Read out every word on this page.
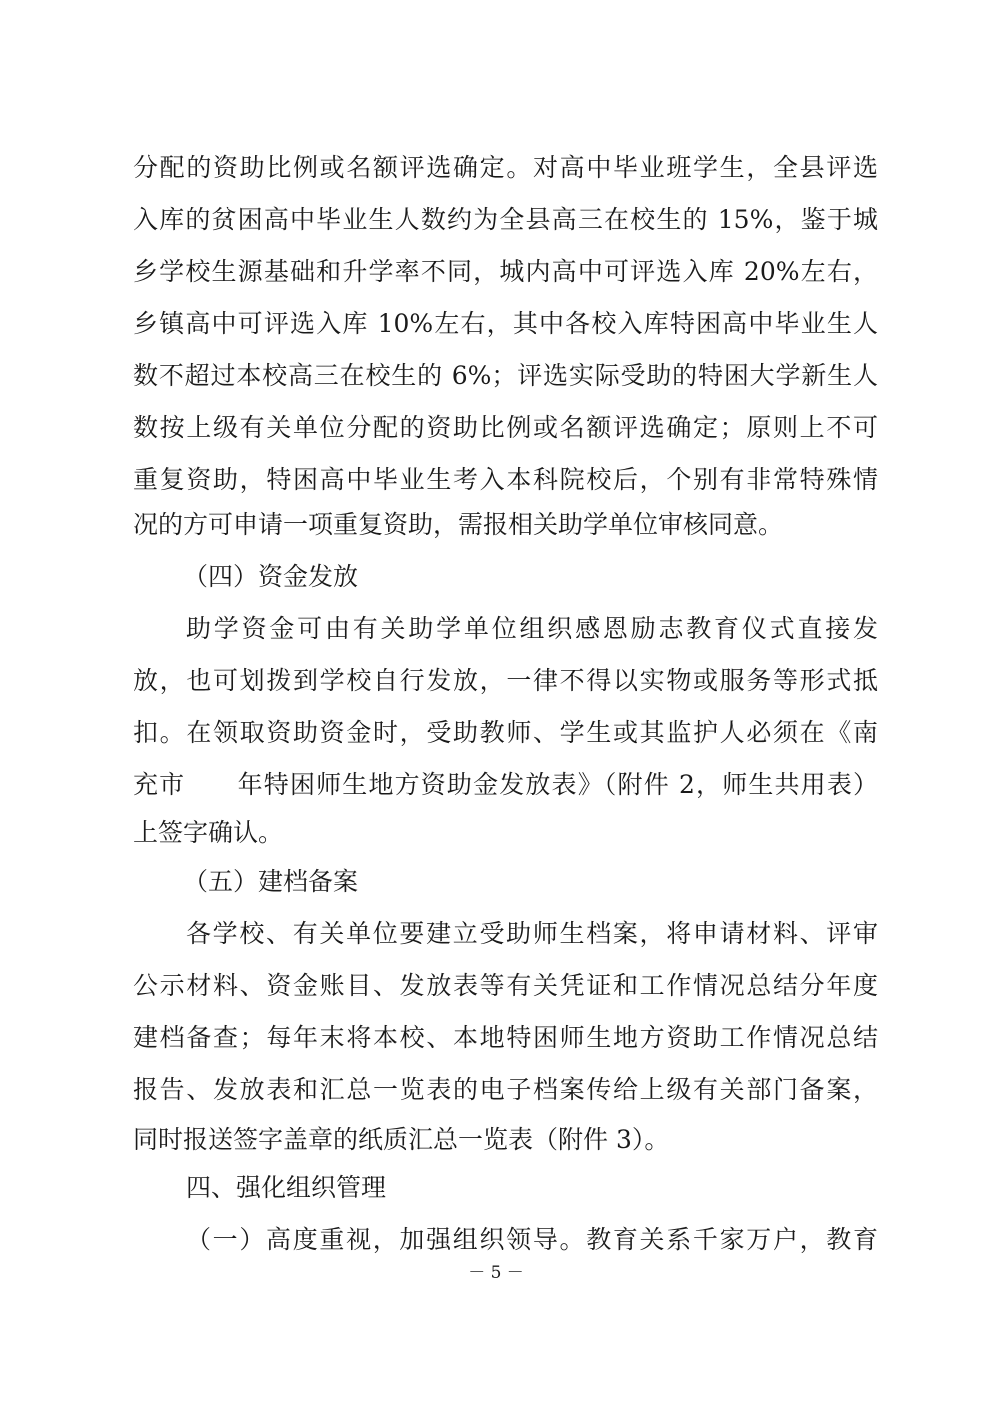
分配的资助比例或名额评选确定。对高中毕业班学生，全县评选
入库的贫困高中毕业生人数约为全县高三在校生的 15%，鉴于城
乡学校生源基础和升学率不同，城内高中可评选入库 20%左右，
乡镇高中可评选入库 10%左右，其中各校入库特困高中毕业生人
数不超过本校高三在校生的 6%；评选实际受助的特困大学新生人
数按上级有关单位分配的资助比例或名额评选确定；原则上不可
重复资助，特困高中毕业生考入本科院校后，个别有非常特殊情
况的方可申请一项重复资助，需报相关助学单位审核同意。
（四）资金发放
助学资金可由有关助学单位组织感恩励志教育仪式直接发
放，也可划拨到学校自行发放，一律不得以实物或服务等形式抵
扣。在领取资助资金时，受助教师、学生或其监护人必须在《南
充市　　年特困师生地方资助金发放表》（附件 2，师生共用表）
上签字确认。
（五）建档备案
各学校、有关单位要建立受助师生档案，将申请材料、评审
公示材料、资金账目、发放表等有关凭证和工作情况总结分年度
建档备查；每年末将本校、本地特困师生地方资助工作情况总结
报告、发放表和汇总一览表的电子档案传给上级有关部门备案，
同时报送签字盖章的纸质汇总一览表（附件 3）。
四、强化组织管理
（一）高度重视，加强组织领导。教育关系千家万户，教育
－ 5 －
